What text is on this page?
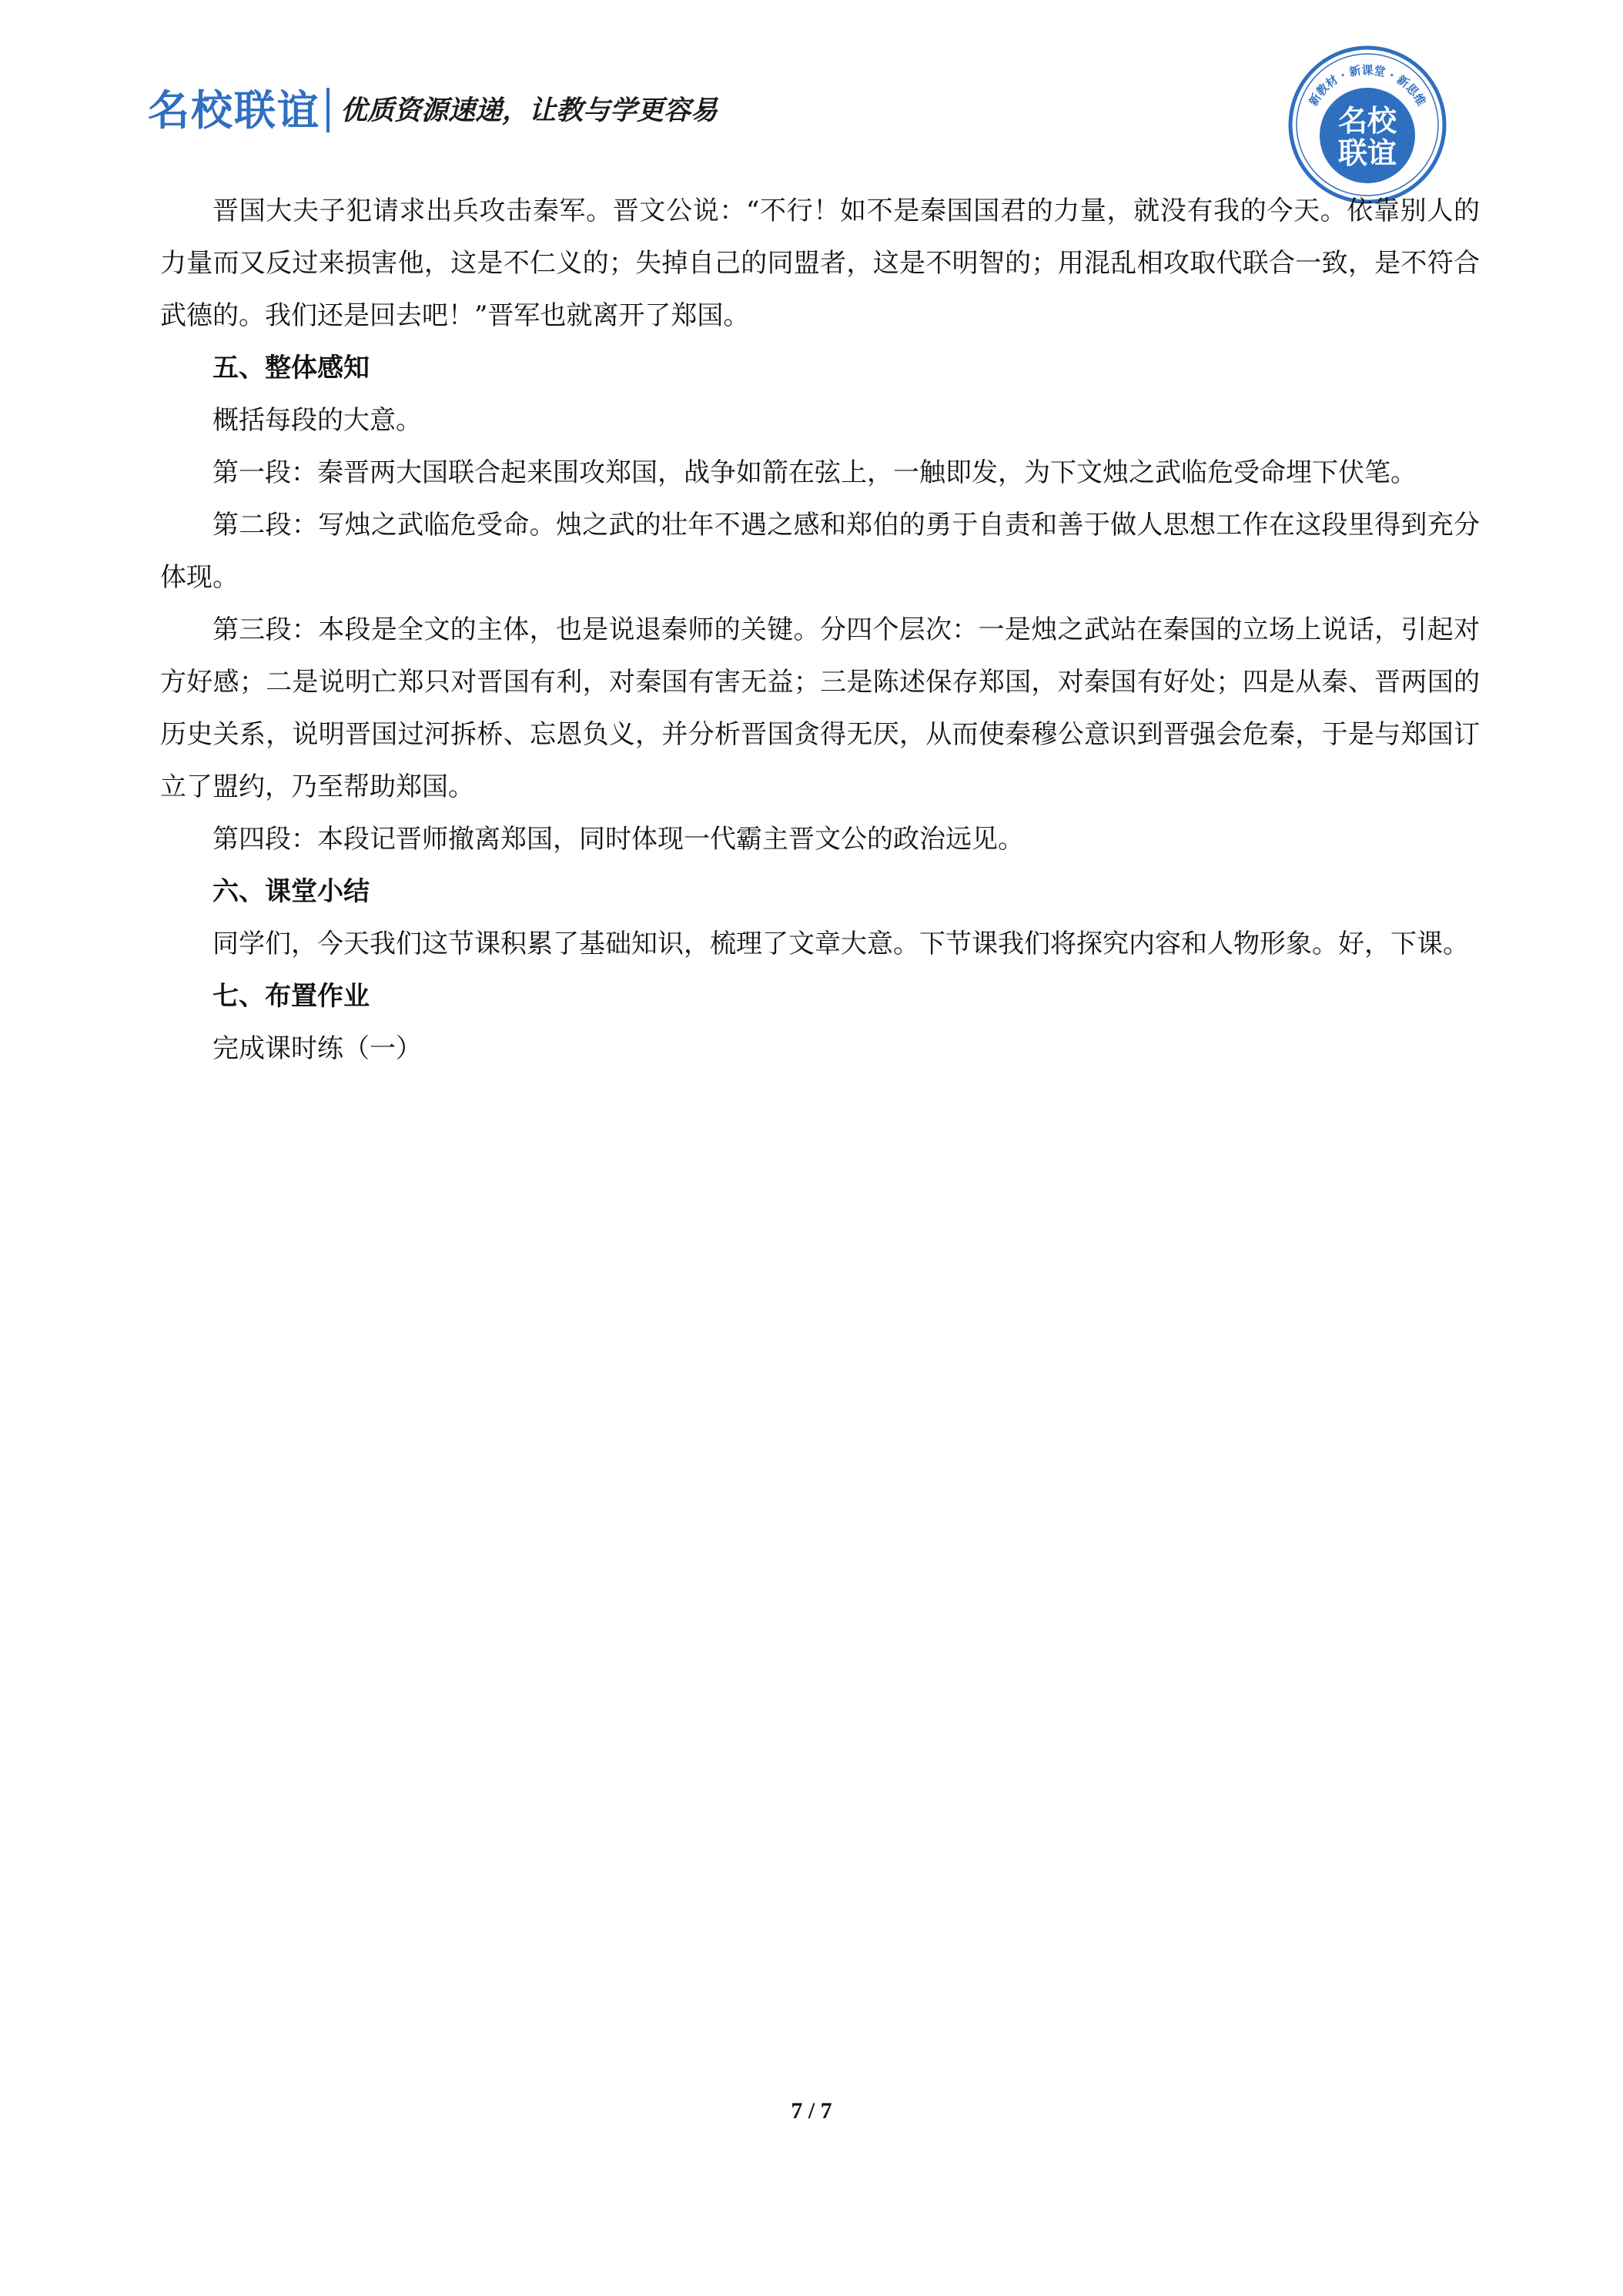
名校联谊 优质资源速递，让教与学更容易	新教材 · 新课堂 · 新思维
名校
联谊

晋国大夫子犯请求出兵攻击秦军。晋文公说：“不行！如不是秦国国君的力量，就没有我的今天。依靠别人的力量而又反过来损害他，这是不仁义的；失掉自己的同盟者，这是不明智的；用混乱相攻取代联合一致，是不符合武德的。我们还是回去吧！”晋军也就离开了郑国。

五、整体感知

概括每段的大意。

第一段：秦晋两大国联合起来围攻郑国，战争如箭在弦上，一触即发，为下文烛之武临危受命埋下伏笔。

第二段：写烛之武临危受命。烛之武的壮年不遇之感和郑伯的勇于自责和善于做人思想工作在这段里得到充分体现。

第三段：本段是全文的主体，也是说退秦师的关键。分四个层次：一是烛之武站在秦国的立场上说话，引起对方好感；二是说明亡郑只对晋国有利，对秦国有害无益；三是陈述保存郑国，对秦国有好处；四是从秦、晋两国的历史关系，说明晋国过河拆桥、忘恩负义，并分析晋国贪得无厌，从而使秦穆公意识到晋强会危秦，于是与郑国订立了盟约，乃至帮助郑国。

第四段：本段记晋师撤离郑国，同时体现一代霸主晋文公的政治远见。

六、课堂小结

同学们，今天我们这节课积累了基础知识，梳理了文章大意。下节课我们将探究内容和人物形象。好，下课。

七、布置作业

完成课时练（一）

7 / 7
